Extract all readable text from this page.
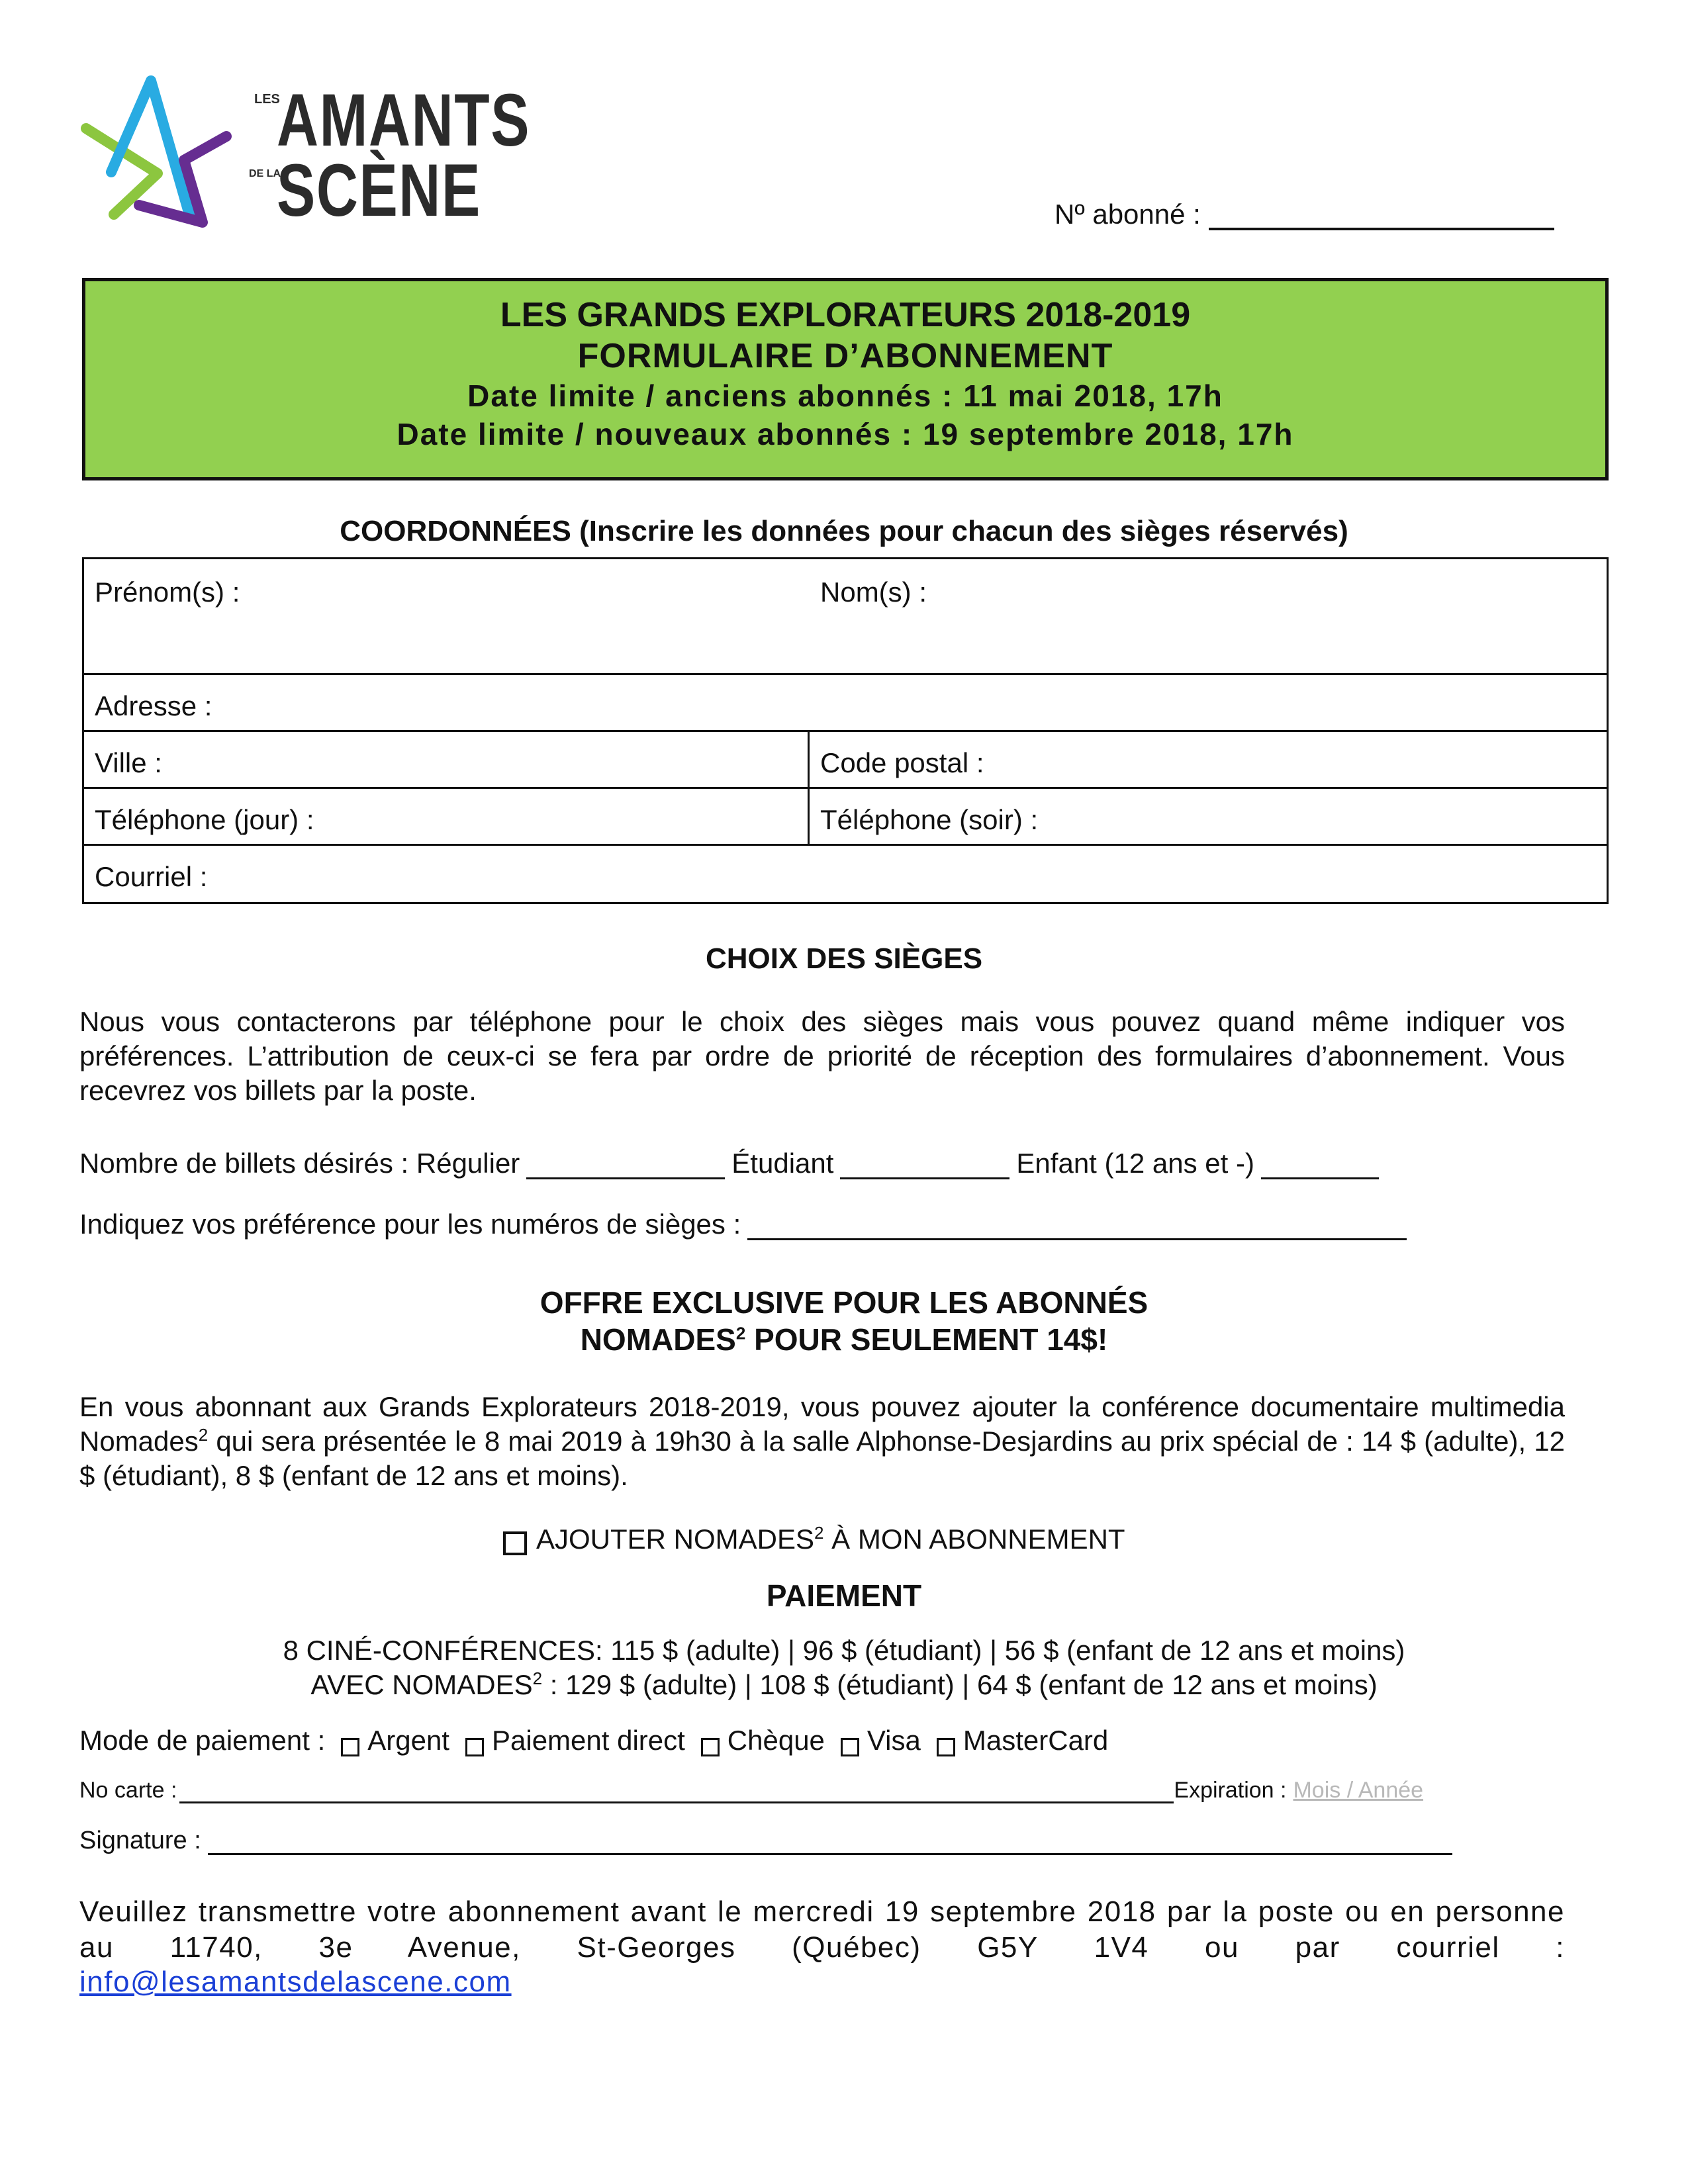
LES
AMANTS
DE LA
SCÈNE	Nº abonné :
LES GRANDS EXPLORATEURS 2018-2019
FORMULAIRE D’ABONNEMENT
Date limite / anciens abonnés : 11 mai 2018, 17h
Date limite / nouveaux abonnés : 19 septembre 2018, 17h
COORDONNÉES (Inscrire les données pour chacun des sièges réservés)
Prénom(s) :	Nom(s) :
Adresse :
Ville :	Code postal :
Téléphone (jour) :	Téléphone (soir) :
Courriel :
CHOIX DES SIÈGES
Nous vous contacterons par téléphone pour le choix des sièges mais vous pouvez quand même indiquer vos préférences. L’attribution de ceux-ci se fera par ordre de priorité de réception des formulaires d’abonnement. Vous recevrez vos billets par la poste.
Nombre de billets désirés : Régulier	Étudiant	Enfant (12 ans et -)
Indiquez vos préférence pour les numéros de sièges :
OFFRE EXCLUSIVE POUR LES ABONNÉS
NOMADES$^2$ POUR SEULEMENT 14$!
En vous abonnant aux Grands Explorateurs 2018-2019, vous pouvez ajouter la conférence documentaire multimedia Nomades$^2$ qui sera présentée le 8 mai 2019 à 19h30 à la salle Alphonse-Desjardins au prix spécial de : 14 $ (adulte), 12 $ (étudiant), 8 $ (enfant de 12 ans et moins).
AJOUTER NOMADES$^2$ À MON ABONNEMENT
PAIEMENT
8 CINÉ-CONFÉRENCES: 115 $ (adulte) | 96 $ (étudiant) | 56 $ (enfant de 12 ans et moins)
AVEC NOMADES$^2$ : 129 $ (adulte) | 108 $ (étudiant) | 64 $ (enfant de 12 ans et moins)
Mode de paiement : Argent Paiement direct Chèque Visa MasterCard
No carte :	Expiration : Mois / Année
Signature :
Veuillez transmettre votre abonnement avant le mercredi 19 septembre 2018 par la poste ou en personne au 11740, 3e Avenue, St-Georges (Québec) G5Y 1V4 ou par courriel :
info@lesamantsdelascene.com
